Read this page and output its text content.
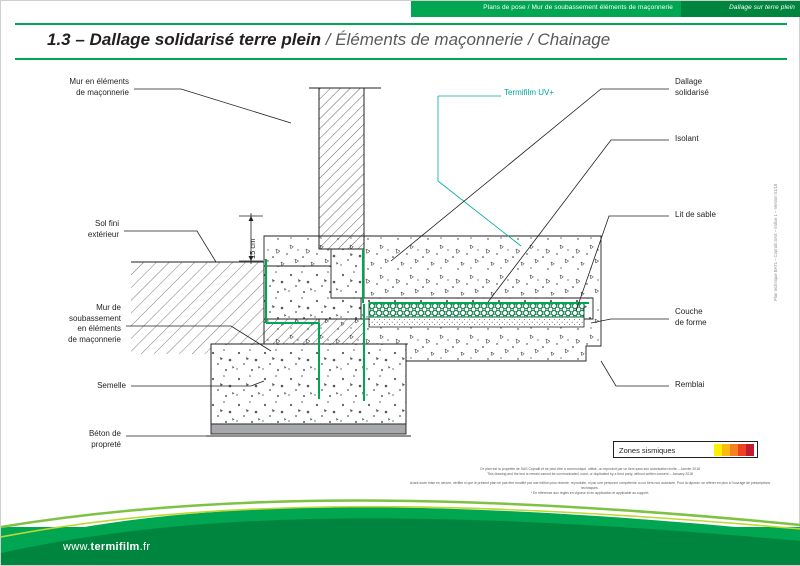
Plans de pose / Mur de soubassement éléments de maçonnerie	Dallage sur terre plein
1.3 – Dallage solidarisé terre plein / Éléments de maçonnerie / Chainage
Mur en éléments
de maçonnerie
Sol fini
extérieur
Mur de
soubassement
en éléments
de maçonnerie
Semelle
Béton de
propreté
Dallage
solidarisé
Isolant
Lit de sable
Couche
de forme
Remblai
Termifilm UV+
15 cm
Zones sismiques
Ce plan est la propriété de SAS Copralit et ne peut être à communiqué, utilisé, ou reproduit par un tiers sans son autorisation écrite – Janvier 2018
This drawing and the text is remain cannot be communicated, used, or duplicated by a third party, without written consent – January 2018
Avant toute mise en oeuvre, vérifier si que le présent plan ne pas être modifié par une édition plus récente, reproduite, ni par une personne compétente ou un tiers non autorisée. Pour la diposer, se référer en plus à l'ouvrage de prescriptions techniques.
* En référence aux règles en vigueur et en application et applicable au support.
Plan technique BAT1 – Copralit SAS – Indice 1 – Version 01/18
www.termifilm.fr
